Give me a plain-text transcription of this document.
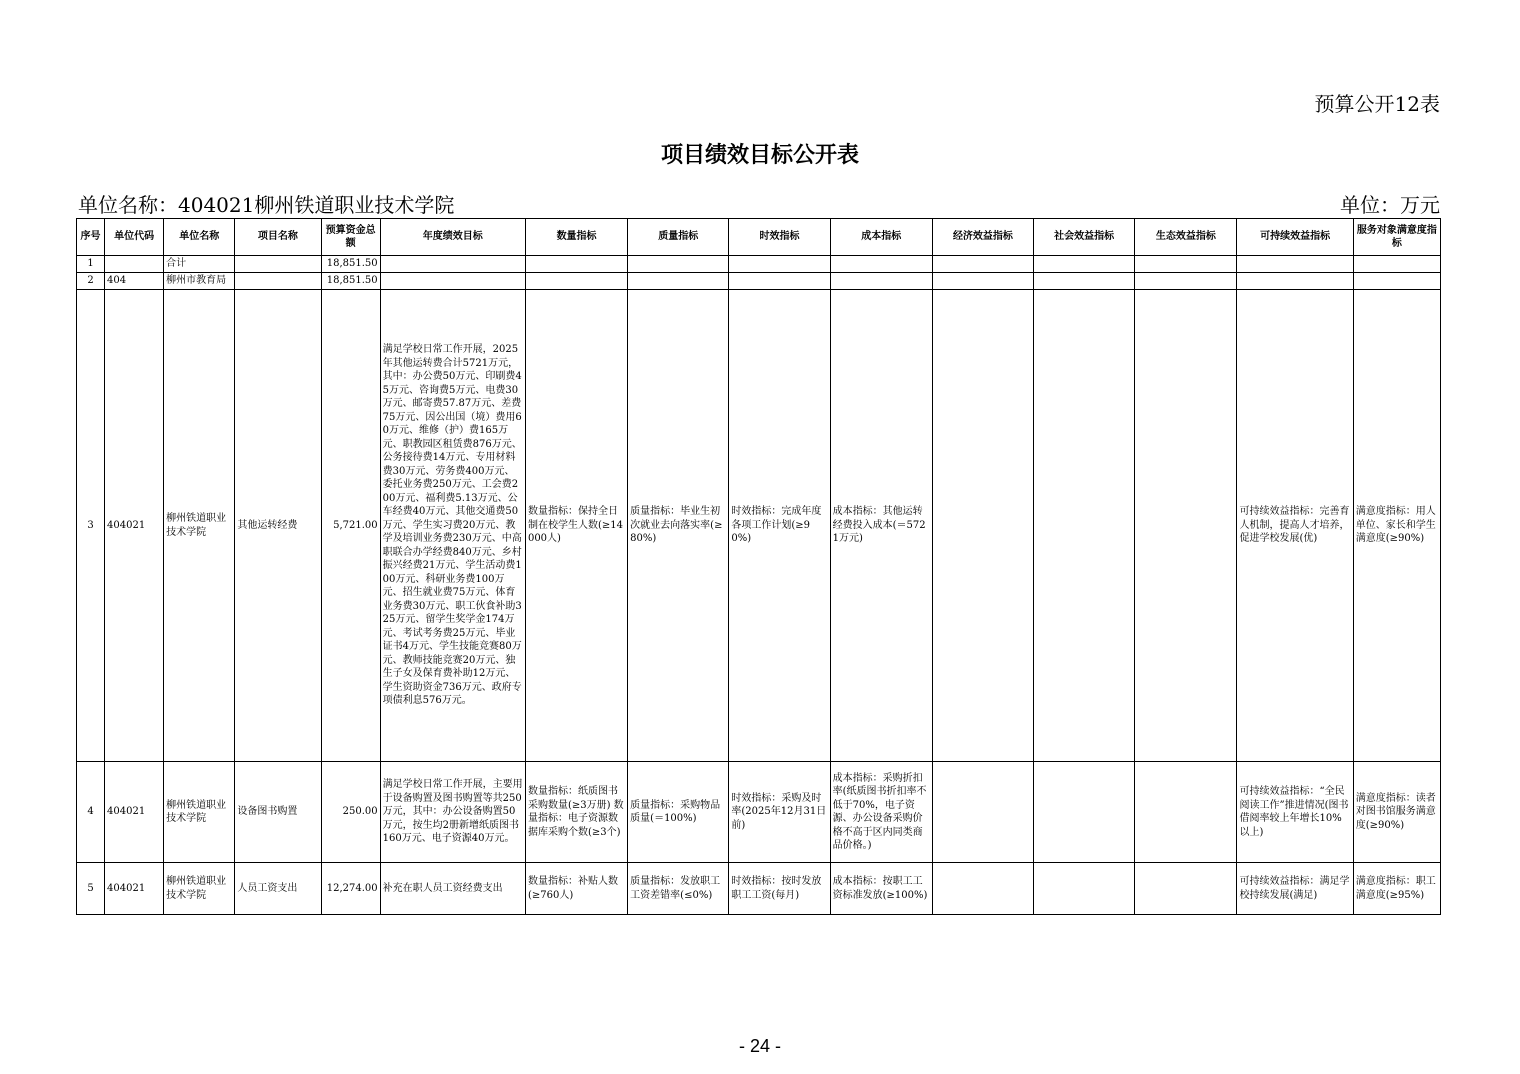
预算公开12表
项目绩效目标公开表
单位名称：404021柳州铁道职业技术学院	单位：万元
序号	单位代码	单位名称	项目名称	预算资金总额	年度绩效目标	数量指标	质量指标	时效指标	成本指标	经济效益指标	社会效益指标	生态效益指标	可持续效益指标	服务对象满意度指标
1		合计		18,851.50										
2	404	柳州市教育局		18,851.50										
3	404021	柳州铁道职业技术学院	其他运转经费	5,721.00	满足学校日常工作开展，2025年其他运转费合计5721万元，其中：办公费50万元、印刷费45万元、咨询费5万元、电费30万元、邮寄费57.87万元、差费75万元、因公出国（境）费用60万元、维修（护）费165万元、职教园区租赁费876万元、公务接待费14万元、专用材料费30万元、劳务费400万元、委托业务费250万元、工会费200万元、福利费5.13万元、公车经费40万元、其他交通费50万元、学生实习费20万元、教学及培训业务费230万元、中高职联合办学经费840万元、乡村振兴经费21万元、学生活动费100万元、科研业务费100万元、招生就业费75万元、体育业务费30万元、职工伙食补助325万元、留学生奖学金174万元、考试考务费25万元、毕业证书4万元、学生技能竞赛80万元、教师技能竞赛20万元、独生子女及保育费补助12万元、学生资助资金736万元、政府专项债利息576万元。	数量指标：保持全日制在校学生人数(≥14000人)	质量指标：毕业生初次就业去向落实率(≥80%)	时效指标：完成年度各项工作计划(≥90%)	成本指标：其他运转经费投入成本(＝5721万元)				可持续效益指标：完善育人机制，提高人才培养，促进学校发展(优)	满意度指标：用人单位、家长和学生满意度(≥90%)
4	404021	柳州铁道职业技术学院	设备图书购置	250.00	满足学校日常工作开展，主要用于设备购置及图书购置等共250万元，其中：办公设备购置50万元，按生均2册新增纸质图书160万元、电子资源40万元。	数量指标：纸质图书采购数量(≥3万册) 数量指标：电子资源数据库采购个数(≥3个)	质量指标：采购物品质量(＝100%)	时效指标：采购及时率(2025年12月31日前)	成本指标：采购折扣率(纸质图书折扣率不低于70%，电子资源、办公设备采购价格不高于区内同类商品价格。)				可持续效益指标：“全民阅读工作”推进情况(图书借阅率较上年增长10%以上)	满意度指标：读者对图书馆服务满意度(≥90%)
5	404021	柳州铁道职业技术学院	人员工资支出	12,274.00	补充在职人员工资经费支出	数量指标：补贴人数(≥760人)	质量指标：发放职工工资差错率(≤0%)	时效指标：按时发放职工工资(每月)	成本指标：按职工工资标准发放(≥100%)				可持续效益指标：满足学校持续发展(满足)	满意度指标：职工满意度(≥95%)
- 24 -
